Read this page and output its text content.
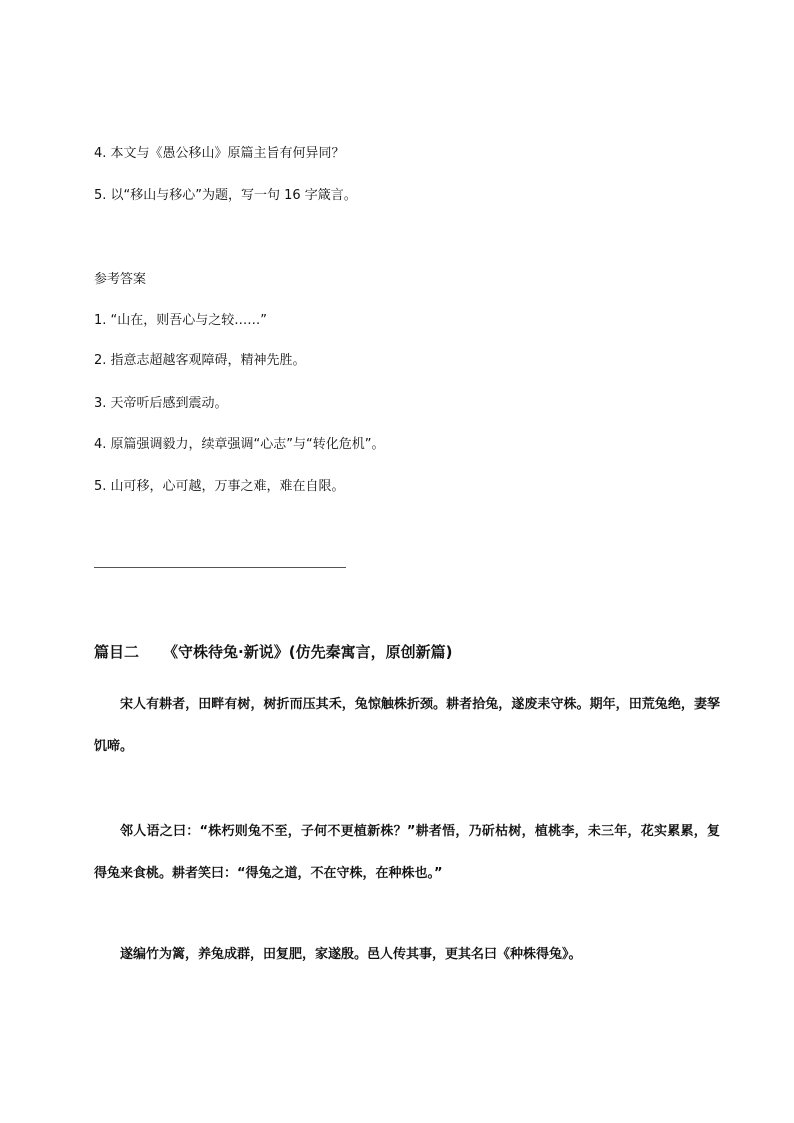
4. 本文与《愚公移山》原篇主旨有何异同？
5. 以“移山与移心”为题，写一句 16 字箴言。
参考答案
1. “山在，则吾心与之较……”
2. 指意志超越客观障碍，精神先胜。
3. 天帝听后感到震动。
4. 原篇强调毅力，续章强调“心志”与“转化危机”。
5. 山可移，心可越，万事之难，难在自限。
篇目二 《守株待兔·新说》(仿先秦寓言，原创新篇)

宋人有耕者，田畔有树，树折而压其禾，兔惊触株折颈。耕者拾兔，遂废耒守株。期年，田荒兔绝，妻孥饥啼。

邻人语之曰：“株朽则兔不至，子何不更植新株？”耕者悟，乃斫枯树，植桃李，未三年，花实累累，复得兔来食桃。耕者笑曰：“得兔之道，不在守株，在种株也。”

遂编竹为篱，养兔成群，田复肥，家遂殷。邑人传其事，更其名曰《种株得兔》。
